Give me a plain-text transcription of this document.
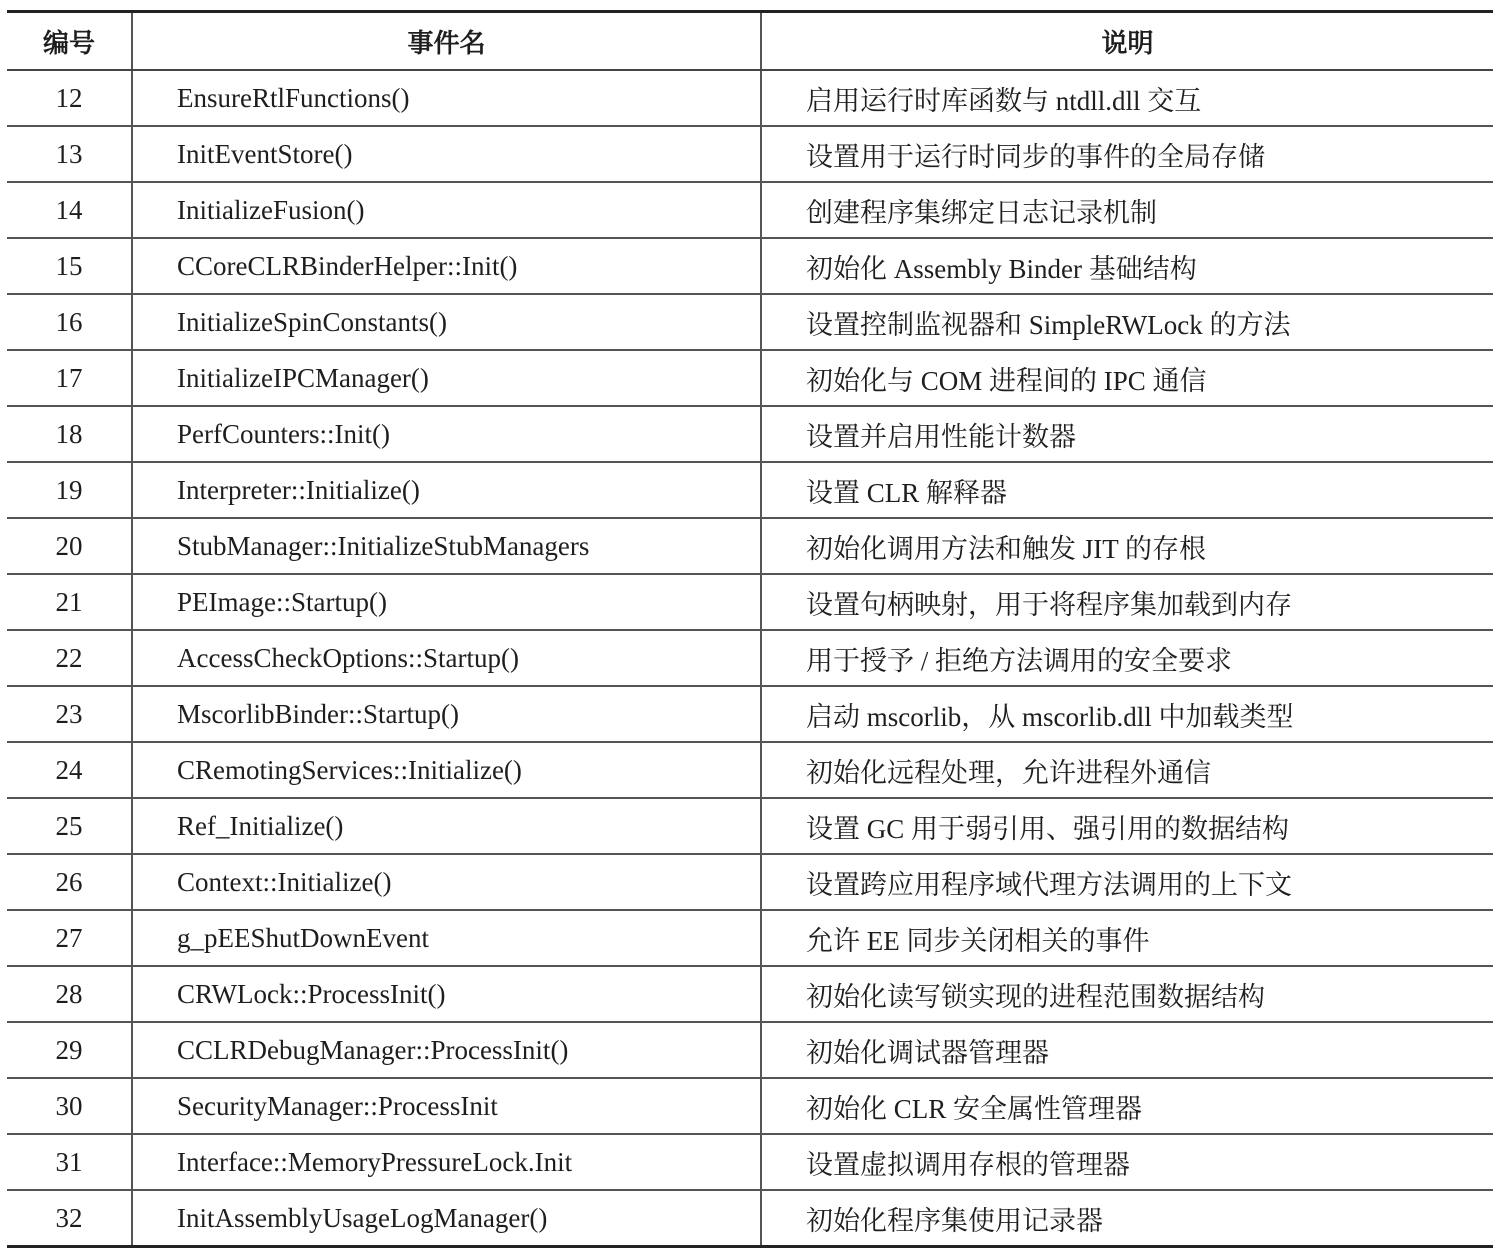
编号	事件名	说明
12	EnsureRtlFunctions()	启用运行时库函数与 ntdll.dll 交互
13	InitEventStore()	设置用于运行时同步的事件的全局存储
14	InitializeFusion()	创建程序集绑定日志记录机制
15	CCoreCLRBinderHelper::Init()	初始化 Assembly Binder 基础结构
16	InitializeSpinConstants()	设置控制监视器和 SimpleRWLock 的方法
17	InitializeIPCManager()	初始化与 COM 进程间的 IPC 通信
18	PerfCounters::Init()	设置并启用性能计数器
19	Interpreter::Initialize()	设置 CLR 解释器
20	StubManager::InitializeStubManagers	初始化调用方法和触发 JIT 的存根
21	PEImage::Startup()	设置句柄映射，用于将程序集加载到内存
22	AccessCheckOptions::Startup()	用于授予 / 拒绝方法调用的安全要求
23	MscorlibBinder::Startup()	启动 mscorlib，从 mscorlib.dll 中加载类型
24	CRemotingServices::Initialize()	初始化远程处理，允许进程外通信
25	Ref_Initialize()	设置 GC 用于弱引用、强引用的数据结构
26	Context::Initialize()	设置跨应用程序域代理方法调用的上下文
27	g_pEEShutDownEvent	允许 EE 同步关闭相关的事件
28	CRWLock::ProcessInit()	初始化读写锁实现的进程范围数据结构
29	CCLRDebugManager::ProcessInit()	初始化调试器管理器
30	SecurityManager::ProcessInit	初始化 CLR 安全属性管理器
31	Interface::MemoryPressureLock.Init	设置虚拟调用存根的管理器
32	InitAssemblyUsageLogManager()	初始化程序集使用记录器
